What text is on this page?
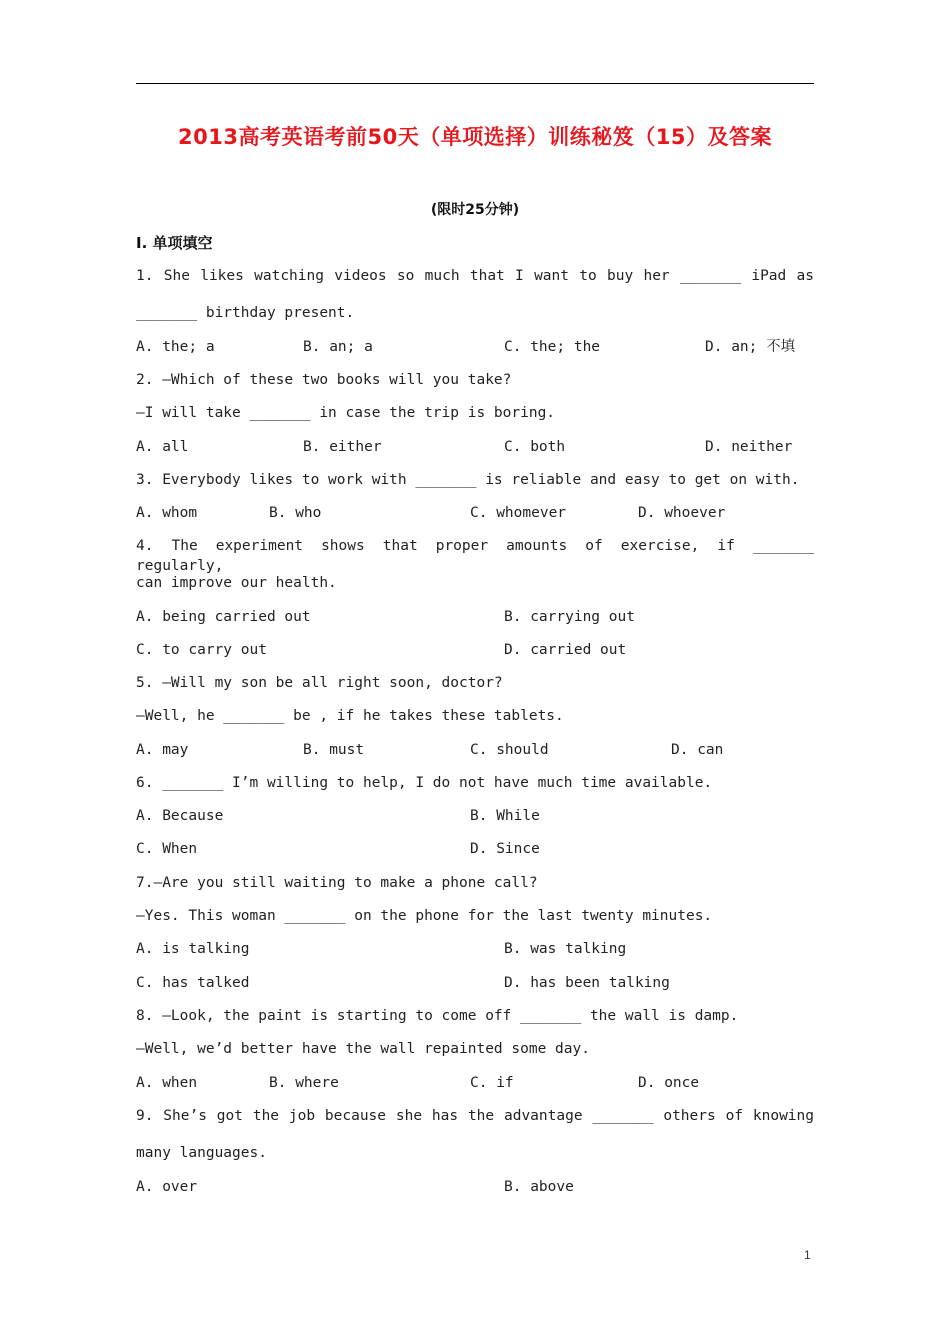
2013高考英语考前50天（单项选择）训练秘笈（15）及答案
(限时25分钟)
Ⅰ. 单项填空
1. She likes watching videos so much that I want to buy her _______ iPad as
_______ birthday present.
A. the; a	B. an; a	C. the; the	D. an; 不填
2. —Which of these two books will you take?
—I will take _______ in case the trip is boring.
A. all	B. either	C. both	D. neither
3. Everybody likes to work with _______ is reliable and easy to get on with.
A. whom	B. who	C. whomever	D. whoever
4. The experiment shows that proper amounts of exercise, if _______ regularly,
can improve our health.
A. being carried out	B. carrying out
C. to carry out	D. carried out
5. —Will my son be all right soon, doctor?
—Well, he _______ be , if he takes these tablets.
A. may	B. must	C. should	D. can
6. _______ I’m willing to help, I do not have much time available.
A. Because	B. While
C. When	D. Since
7.—Are you still waiting to make a phone call?
—Yes. This woman _______ on the phone for the last twenty minutes.
A. is talking	B. was talking
C. has talked	D. has been talking
8. —Look, the paint is starting to come off _______ the wall is damp.
—Well, we’d better have the wall repainted some day.
A. when	B. where	C. if	D. once
9. She’s got the job because she has the advantage _______ others of knowing
many languages.
A. over	B. above
1
